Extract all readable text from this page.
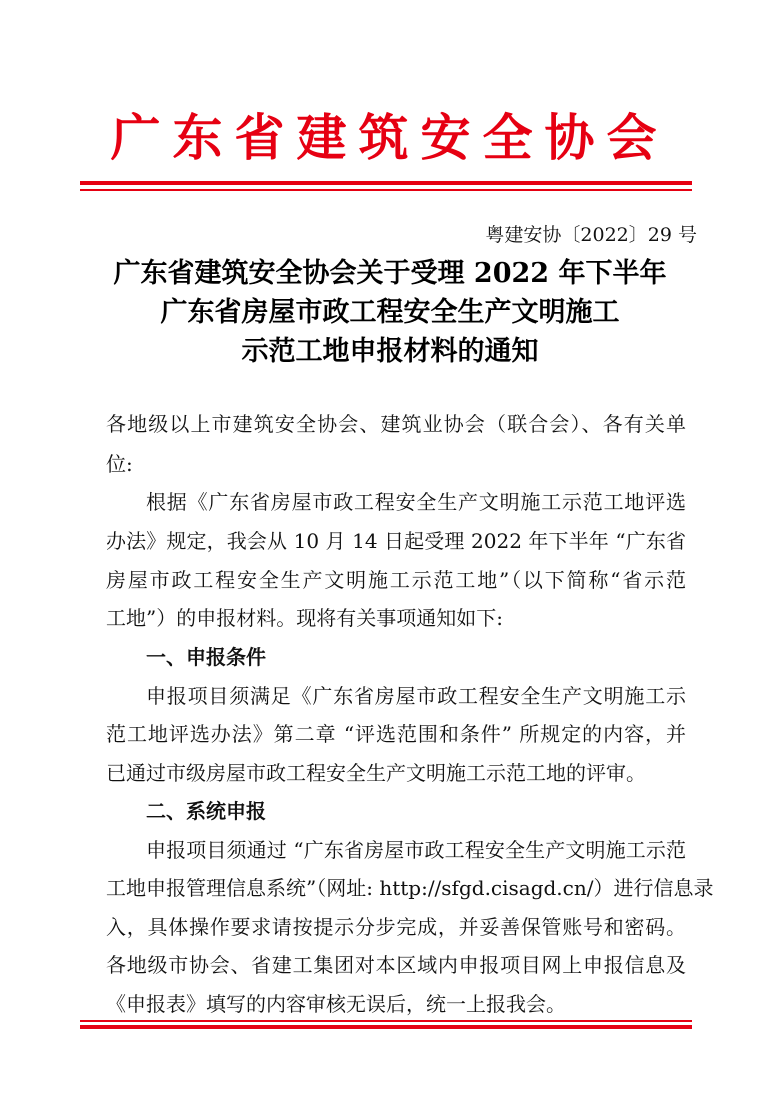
广东省建筑安全协会
粤建安协〔2022〕29 号
广东省建筑安全协会关于受理 2022 年下半年
广东省房屋市政工程安全生产文明施工
示范工地申报材料的通知
各地级以上市建筑安全协会、建筑业协会（联合会）、各有关单
位:
根据《广东省房屋市政工程安全生产文明施工示范工地评选
办法》规定，我会从 10 月 14 日起受理 2022 年下半年 “广东省
房屋市政工程安全生产文明施工示范工地”（以下简称“省示范
工地”）的申报材料。现将有关事项通知如下:
一、申报条件
申报项目须满足《广东省房屋市政工程安全生产文明施工示
范工地评选办法》第二章 “评选范围和条件” 所规定的内容，并
已通过市级房屋市政工程安全生产文明施工示范工地的评审。
二、系统申报
申报项目须通过 “广东省房屋市政工程安全生产文明施工示范
工地申报管理信息系统”（网址: http://sfgd.cisagd.cn/）进行信息录
入，具体操作要求请按提示分步完成，并妥善保管账号和密码。
各地级市协会、省建工集团对本区域内申报项目网上申报信息及
《申报表》填写的内容审核无误后，统一上报我会。
